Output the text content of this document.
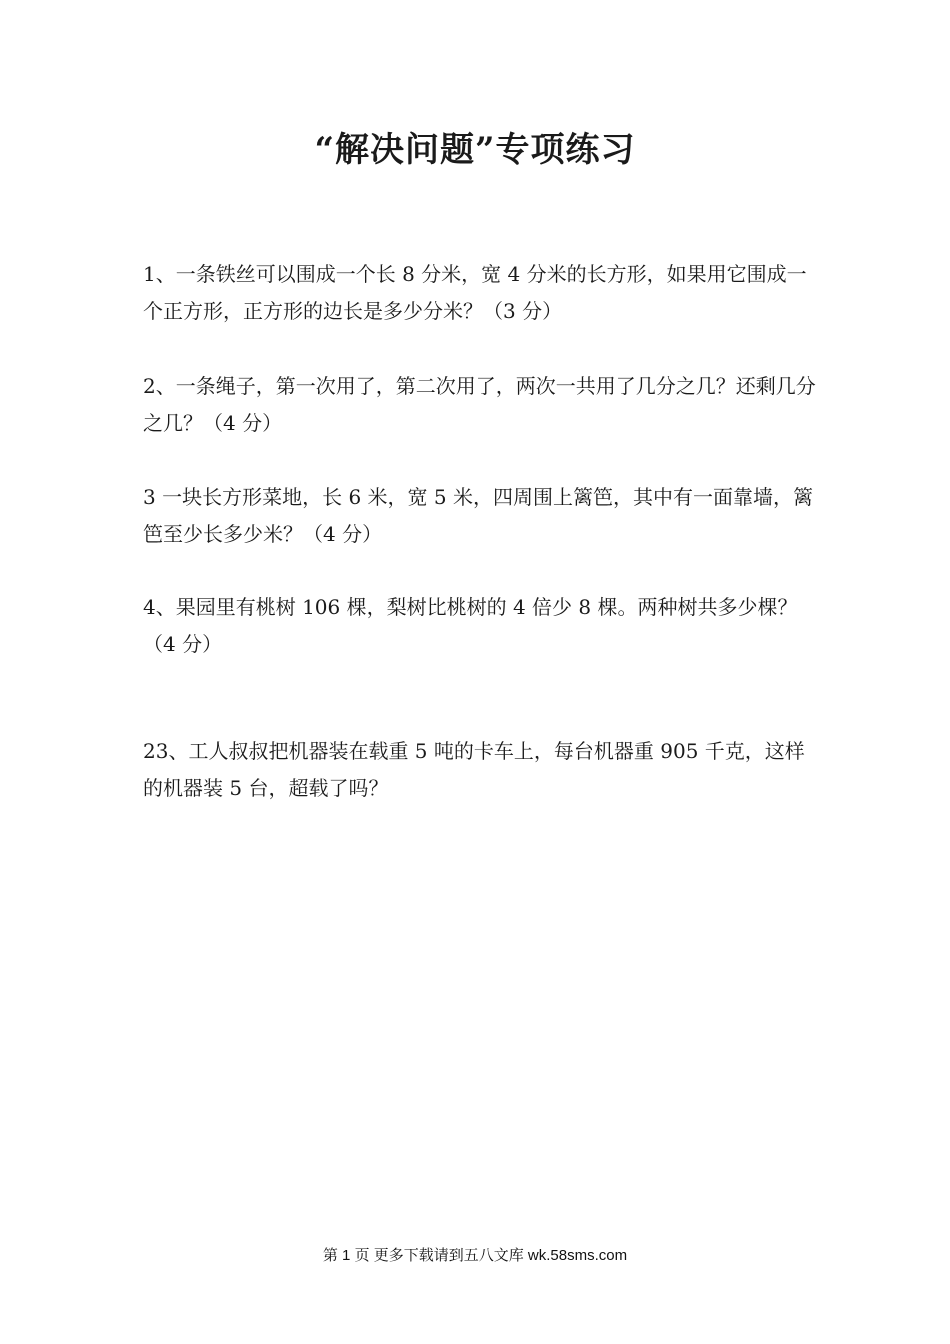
“解决问题”专项练习

1、一条铁丝可以围成一个长 8 分米，宽 4 分米的长方形，如果用它围成一个正方形，正方形的边长是多少分米？（3 分）

2、一条绳子，第一次用了，第二次用了，两次一共用了几分之几？还剩几分之几？（4 分）

3 一块长方形菜地，长 6 米，宽 5 米，四周围上篱笆，其中有一面靠墙，篱笆至少长多少米？（4 分）

4、果园里有桃树 106 棵，梨树比桃树的 4 倍少 8 棵。两种树共多少棵？（4 分）

23、工人叔叔把机器装在载重 5 吨的卡车上，每台机器重 905 千克，这样的机器装 5 台，超载了吗？

第 1 页 更多下载请到五八文库 wk.58sms.com
